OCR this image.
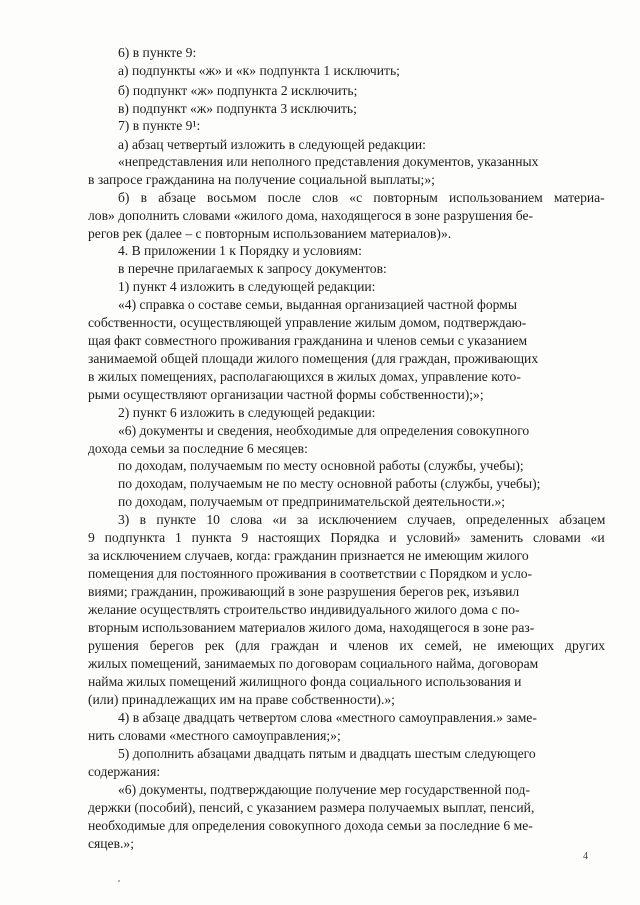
6) в пункте 9:
а) подпункты «ж» и «к» подпункта 1 исключить;
б) подпункт «ж» подпункта 2 исключить;
в) подпункт «ж» подпункта 3 исключить;
7) в пункте 9¹:
а) абзац четвертый изложить в следующей редакции:
«непредставления или неполного представления документов, указанных
в запросе гражданина на получение социальной выплаты;»;
б) в абзаце восьмом после слов «с повторным использованием материа-
лов» дополнить словами «жилого дома, находящегося в зоне разрушения бе-
регов рек (далее – с повторным использованием материалов)».
4. В приложении 1 к Порядку и условиям:
в перечне прилагаемых к запросу документов:
1) пункт 4 изложить в следующей редакции:
«4) справка о составе семьи, выданная организацией частной формы
собственности, осуществляющей управление жилым домом, подтверждаю-
щая факт совместного проживания гражданина и членов семьи с указанием
занимаемой общей площади жилого помещения (для граждан, проживающих
в жилых помещениях, располагающихся в жилых домах, управление кото-
рыми осуществляют организации частной формы собственности);»;
2) пункт 6 изложить в следующей редакции:
«6) документы и сведения, необходимые для определения совокупного
дохода семьи за последние 6 месяцев:
по доходам, получаемым по месту основной работы (службы, учебы);
по доходам, получаемым не по месту основной работы (службы, учебы);
по доходам, получаемым от предпринимательской деятельности.»;
3) в пункте 10 слова «и за исключением случаев, определенных абзацем
9 подпункта 1 пункта 9 настоящих Порядка и условий» заменить словами «и
за исключением случаев, когда: гражданин признается не имеющим жилого
помещения для постоянного проживания в соответствии с Порядком и усло-
виями; гражданин, проживающий в зоне разрушения берегов рек, изъявил
желание осуществлять строительство индивидуального жилого дома с по-
вторным использованием материалов жилого дома, находящегося в зоне раз-
рушения берегов рек (для граждан и членов их семей, не имеющих других
жилых помещений, занимаемых по договорам социального найма, договорам
найма жилых помещений жилищного фонда социального использования и
(или) принадлежащих им на праве собственности).»;
4) в абзаце двадцать четвертом слова «местного самоуправления.» заме-
нить словами «местного самоуправления;»;
5) дополнить абзацами двадцать пятым и двадцать шестым следующего
содержания:
«6) документы, подтверждающие получение мер государственной под-
держки (пособий), пенсий, с указанием размера получаемых выплат, пенсий,
необходимые для определения совокупного дохода семьи за последние 6 ме-
сяцев.»;
4
